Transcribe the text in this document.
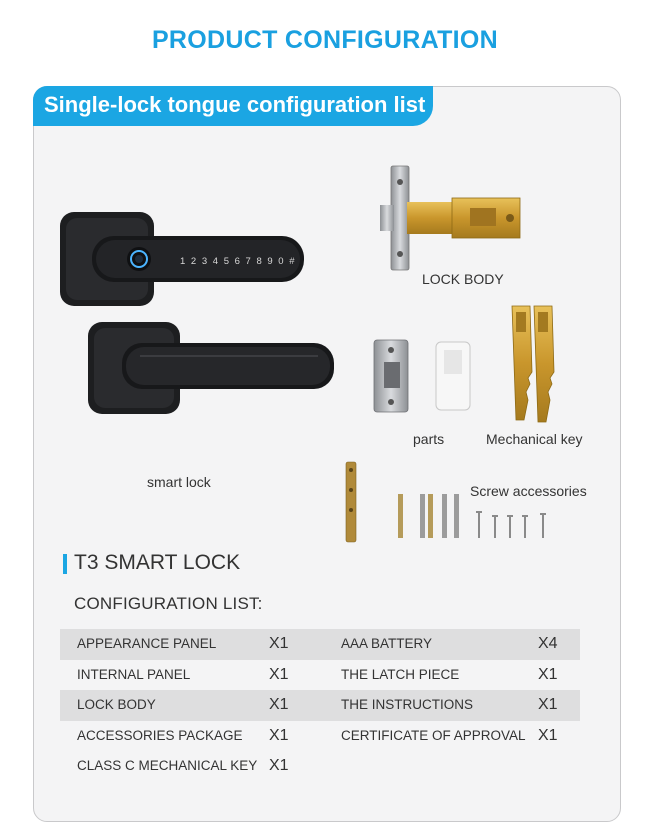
PRODUCT CONFIGURATION
Single-lock tongue configuration list
1 2 3 4 5 6 7 8 9 0 #
LOCK BODY
parts	Mechanical key
smart lock
Screw accessories
T3 SMART LOCK
CONFIGURATION LIST:
APPEARANCE PANEL	X1	AAA BATTERY	X4
INTERNAL PANEL	X1	THE LATCH PIECE	X1
LOCK BODY	X1	THE INSTRUCTIONS	X1
ACCESSORIES PACKAGE X1	CERTIFICATE OF APPROVAL X1
CLASS C MECHANICAL KEY X1
